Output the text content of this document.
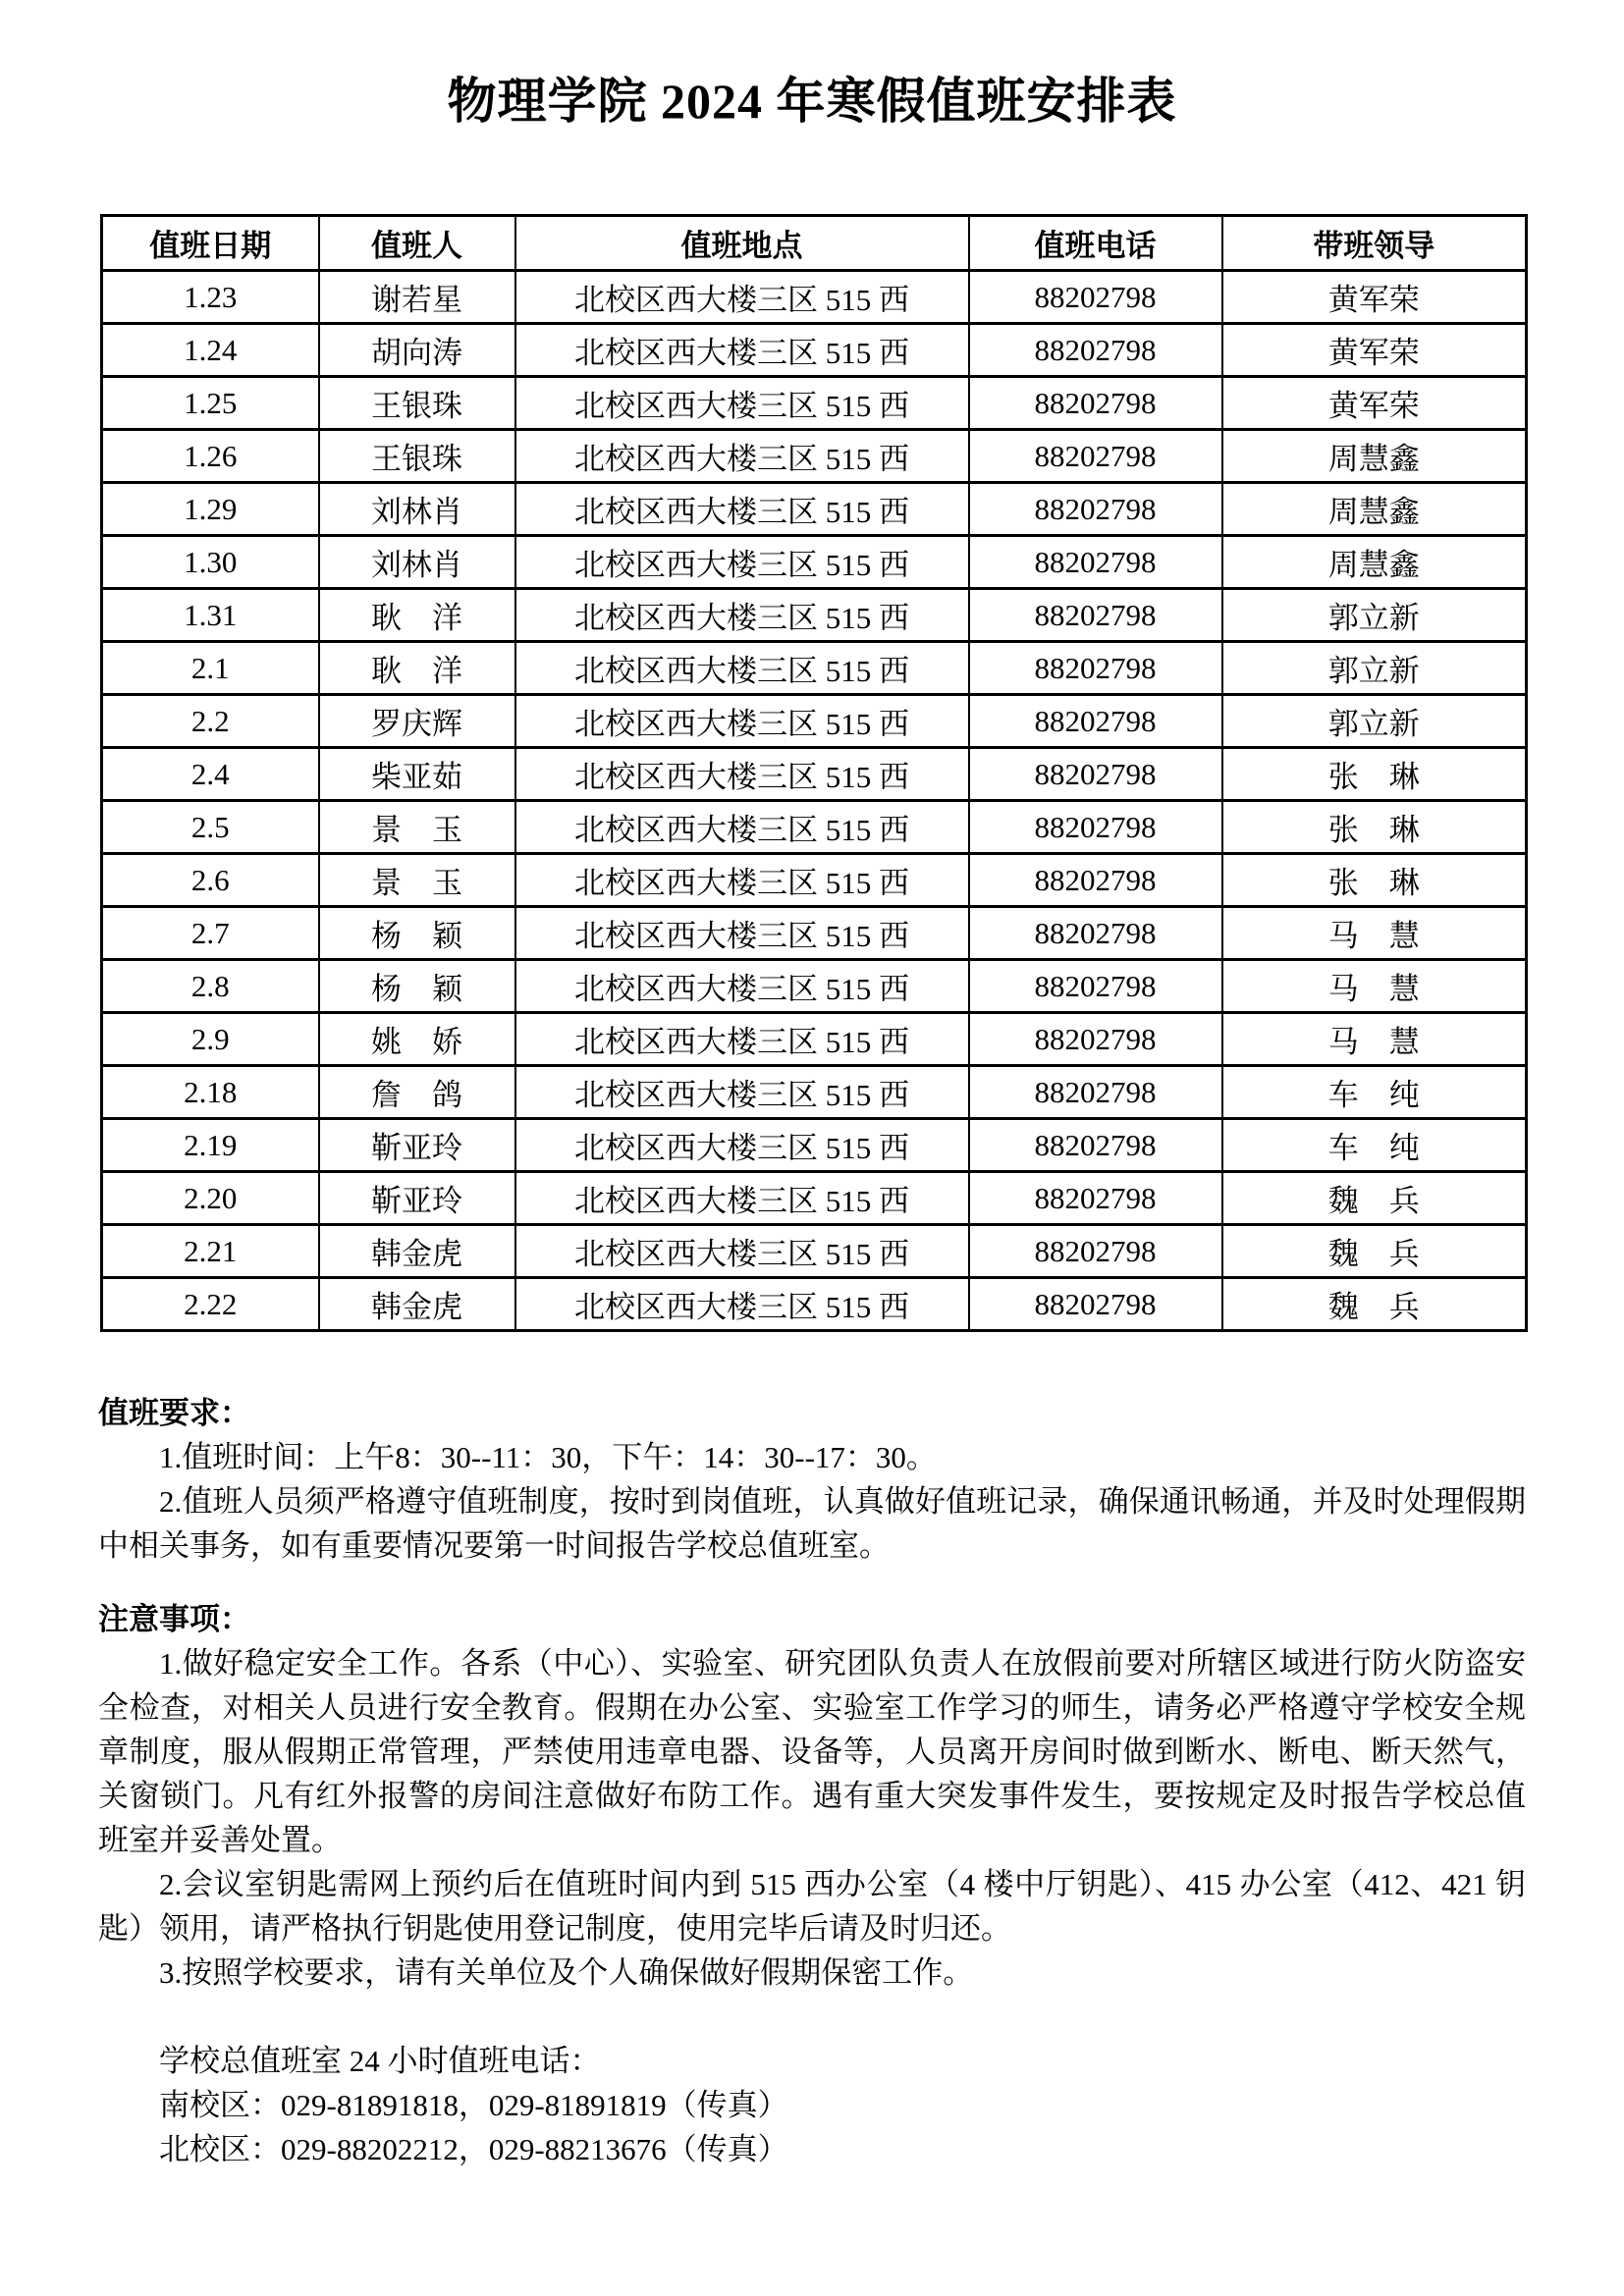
物理学院 2024 年寒假值班安排表
值班日期	值班人	值班地点	值班电话	带班领导
1.23	谢若星	北校区西大楼三区 515 西	88202798	黄军荣
1.24	胡向涛	北校区西大楼三区 515 西	88202798	黄军荣
1.25	王银珠	北校区西大楼三区 515 西	88202798	黄军荣
1.26	王银珠	北校区西大楼三区 515 西	88202798	周慧鑫
1.29	刘林肖	北校区西大楼三区 515 西	88202798	周慧鑫
1.30	刘林肖	北校区西大楼三区 515 西	88202798	周慧鑫
1.31	耿　洋	北校区西大楼三区 515 西	88202798	郭立新
2.1	耿　洋	北校区西大楼三区 515 西	88202798	郭立新
2.2	罗庆辉	北校区西大楼三区 515 西	88202798	郭立新
2.4	柴亚茹	北校区西大楼三区 515 西	88202798	张　琳
2.5	景　玉	北校区西大楼三区 515 西	88202798	张　琳
2.6	景　玉	北校区西大楼三区 515 西	88202798	张　琳
2.7	杨　颖	北校区西大楼三区 515 西	88202798	马　慧
2.8	杨　颖	北校区西大楼三区 515 西	88202798	马　慧
2.9	姚　娇	北校区西大楼三区 515 西	88202798	马　慧
2.18	詹　鸽	北校区西大楼三区 515 西	88202798	车　纯
2.19	靳亚玲	北校区西大楼三区 515 西	88202798	车　纯
2.20	靳亚玲	北校区西大楼三区 515 西	88202798	魏　兵
2.21	韩金虎	北校区西大楼三区 515 西	88202798	魏　兵
2.22	韩金虎	北校区西大楼三区 515 西	88202798	魏　兵

值班要求：

1.值班时间：上午8：30--11：30，下午：14：30--17：30。

2.值班人员须严格遵守值班制度，按时到岗值班，认真做好值班记录，确保通讯畅通，并及时处理假期中相关事务，如有重要情况要第一时间报告学校总值班室。

注意事项：

1.做好稳定安全工作。各系（中心）、实验室、研究团队负责人在放假前要对所辖区域进行防火防盗安全检查，对相关人员进行安全教育。假期在办公室、实验室工作学习的师生，请务必严格遵守学校安全规章制度，服从假期正常管理，严禁使用违章电器、设备等，人员离开房间时做到断水、断电、断天然气，关窗锁门。凡有红外报警的房间注意做好布防工作。遇有重大突发事件发生，要按规定及时报告学校总值班室并妥善处置。

2.会议室钥匙需网上预约后在值班时间内到 515 西办公室（4 楼中厅钥匙）、415 办公室（412、421 钥匙）领用，请严格执行钥匙使用登记制度，使用完毕后请及时归还。

3.按照学校要求，请有关单位及个人确保做好假期保密工作。

学校总值班室 24 小时值班电话：

南校区：029-81891818，029-81891819（传真）

北校区：029-88202212，029-88213676（传真）
